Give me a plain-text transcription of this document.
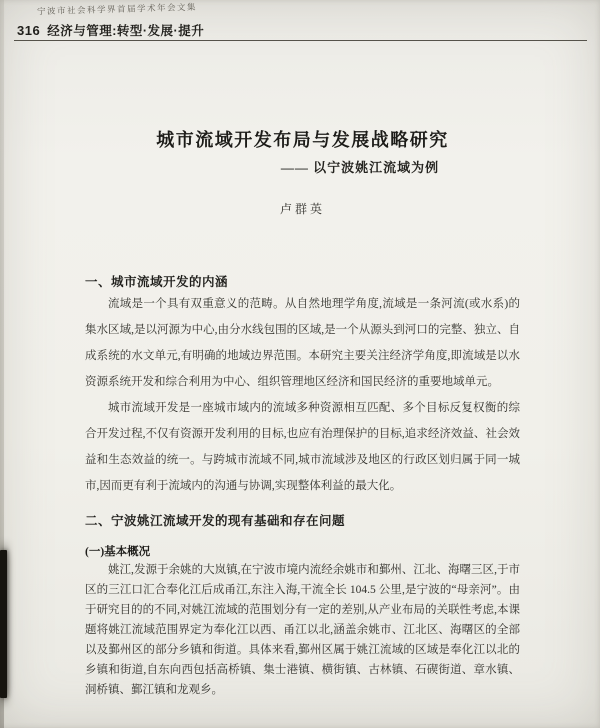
宁波市社会科学界首届学术年会文集
316 经济与管理:转型·发展·提升
城市流域开发布局与发展战略研究
—— 以宁波姚江流域为例
卢群英
一、城市流域开发的内涵

流域是一个具有双重意义的范畴。从自然地理学角度,流域是一条河流(或水系)的集水区域,是以河源为中心,由分水线包围的区域,是一个从源头到河口的完整、独立、自成系统的水文单元,有明确的地域边界范围。本研究主要关注经济学角度,即流域是以水资源系统开发和综合利用为中心、组织管理地区经济和国民经济的重要地域单元。

城市流域开发是一座城市域内的流域多种资源相互匹配、多个目标反复权衡的综合开发过程,不仅有资源开发利用的目标,也应有治理保护的目标,追求经济效益、社会效益和生态效益的统一。与跨城市流域不同,城市流域涉及地区的行政区划归属于同一城市,因而更有利于流域内的沟通与协调,实现整体利益的最大化。

二、宁波姚江流域开发的现有基础和存在问题
(一)基本概况

姚江,发源于余姚的大岚镇,在宁波市境内流经余姚市和鄞州、江北、海曙三区,于市区的三江口汇合奉化江后成甬江,东注入海,干流全长 104.5 公里,是宁波的“母亲河”。由于研究目的的不同,对姚江流域的范围划分有一定的差别,从产业布局的关联性考虑,本课题将姚江流域范围界定为奉化江以西、甬江以北,涵盖余姚市、江北区、海曙区的全部以及鄞州区的部分乡镇和街道。具体来看,鄞州区属于姚江流域的区域是奉化江以北的乡镇和街道,自东向西包括高桥镇、集士港镇、横街镇、古林镇、石碶街道、章水镇、洞桥镇、鄞江镇和龙观乡。
